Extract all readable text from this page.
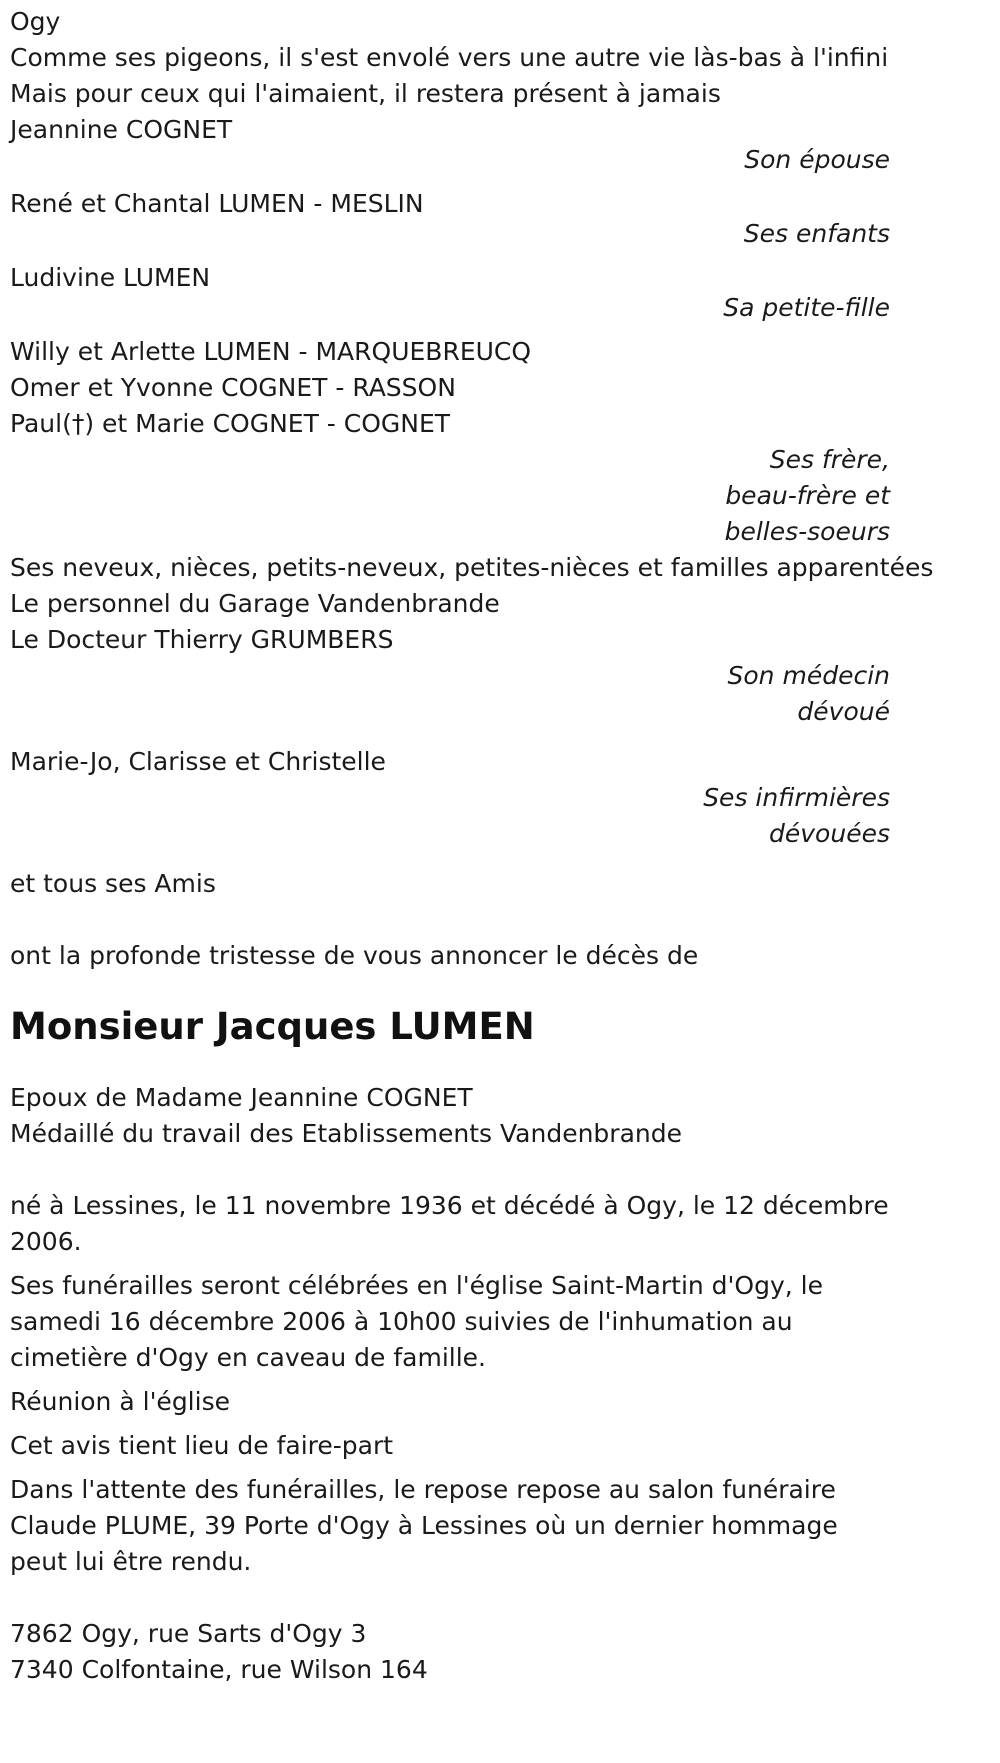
Ogy
Comme ses pigeons, il s'est envolé vers une autre vie làs-bas à l'infini
Mais pour ceux qui l'aimaient, il restera présent à jamais
Jeannine COGNET
Son épouse
René et Chantal LUMEN - MESLIN
Ses enfants
Ludivine LUMEN
Sa petite-fille
Willy et Arlette LUMEN - MARQUEBREUCQ
Omer et Yvonne COGNET - RASSON
Paul(†) et Marie COGNET - COGNET
Ses frère,
beau-frère et
belles-soeurs
Ses neveux, nièces, petits-neveux, petites-nièces et familles apparentées
Le personnel du Garage Vandenbrande
Le Docteur Thierry GRUMBERS
Son médecin
dévoué
Marie-Jo, Clarisse et Christelle
Ses infirmières
dévouées
et tous ses Amis
ont la profonde tristesse de vous annoncer le décès de
Monsieur Jacques LUMEN
Epoux de Madame Jeannine COGNET
Médaillé du travail des Etablissements Vandenbrande

né à Lessines, le 11 novembre 1936 et décédé à Ogy, le 12 décembre 2006.

Ses funérailles seront célébrées en l'église Saint-Martin d'Ogy, le samedi 16 décembre 2006 à 10h00 suivies de l'inhumation au cimetière d'Ogy en caveau de famille.

Réunion à l'église

Cet avis tient lieu de faire-part

Dans l'attente des funérailles, le repose repose au salon funéraire Claude PLUME, 39 Porte d'Ogy à Lessines où un dernier hommage peut lui être rendu.

7862 Ogy, rue Sarts d'Ogy 3
7340 Colfontaine, rue Wilson 164
